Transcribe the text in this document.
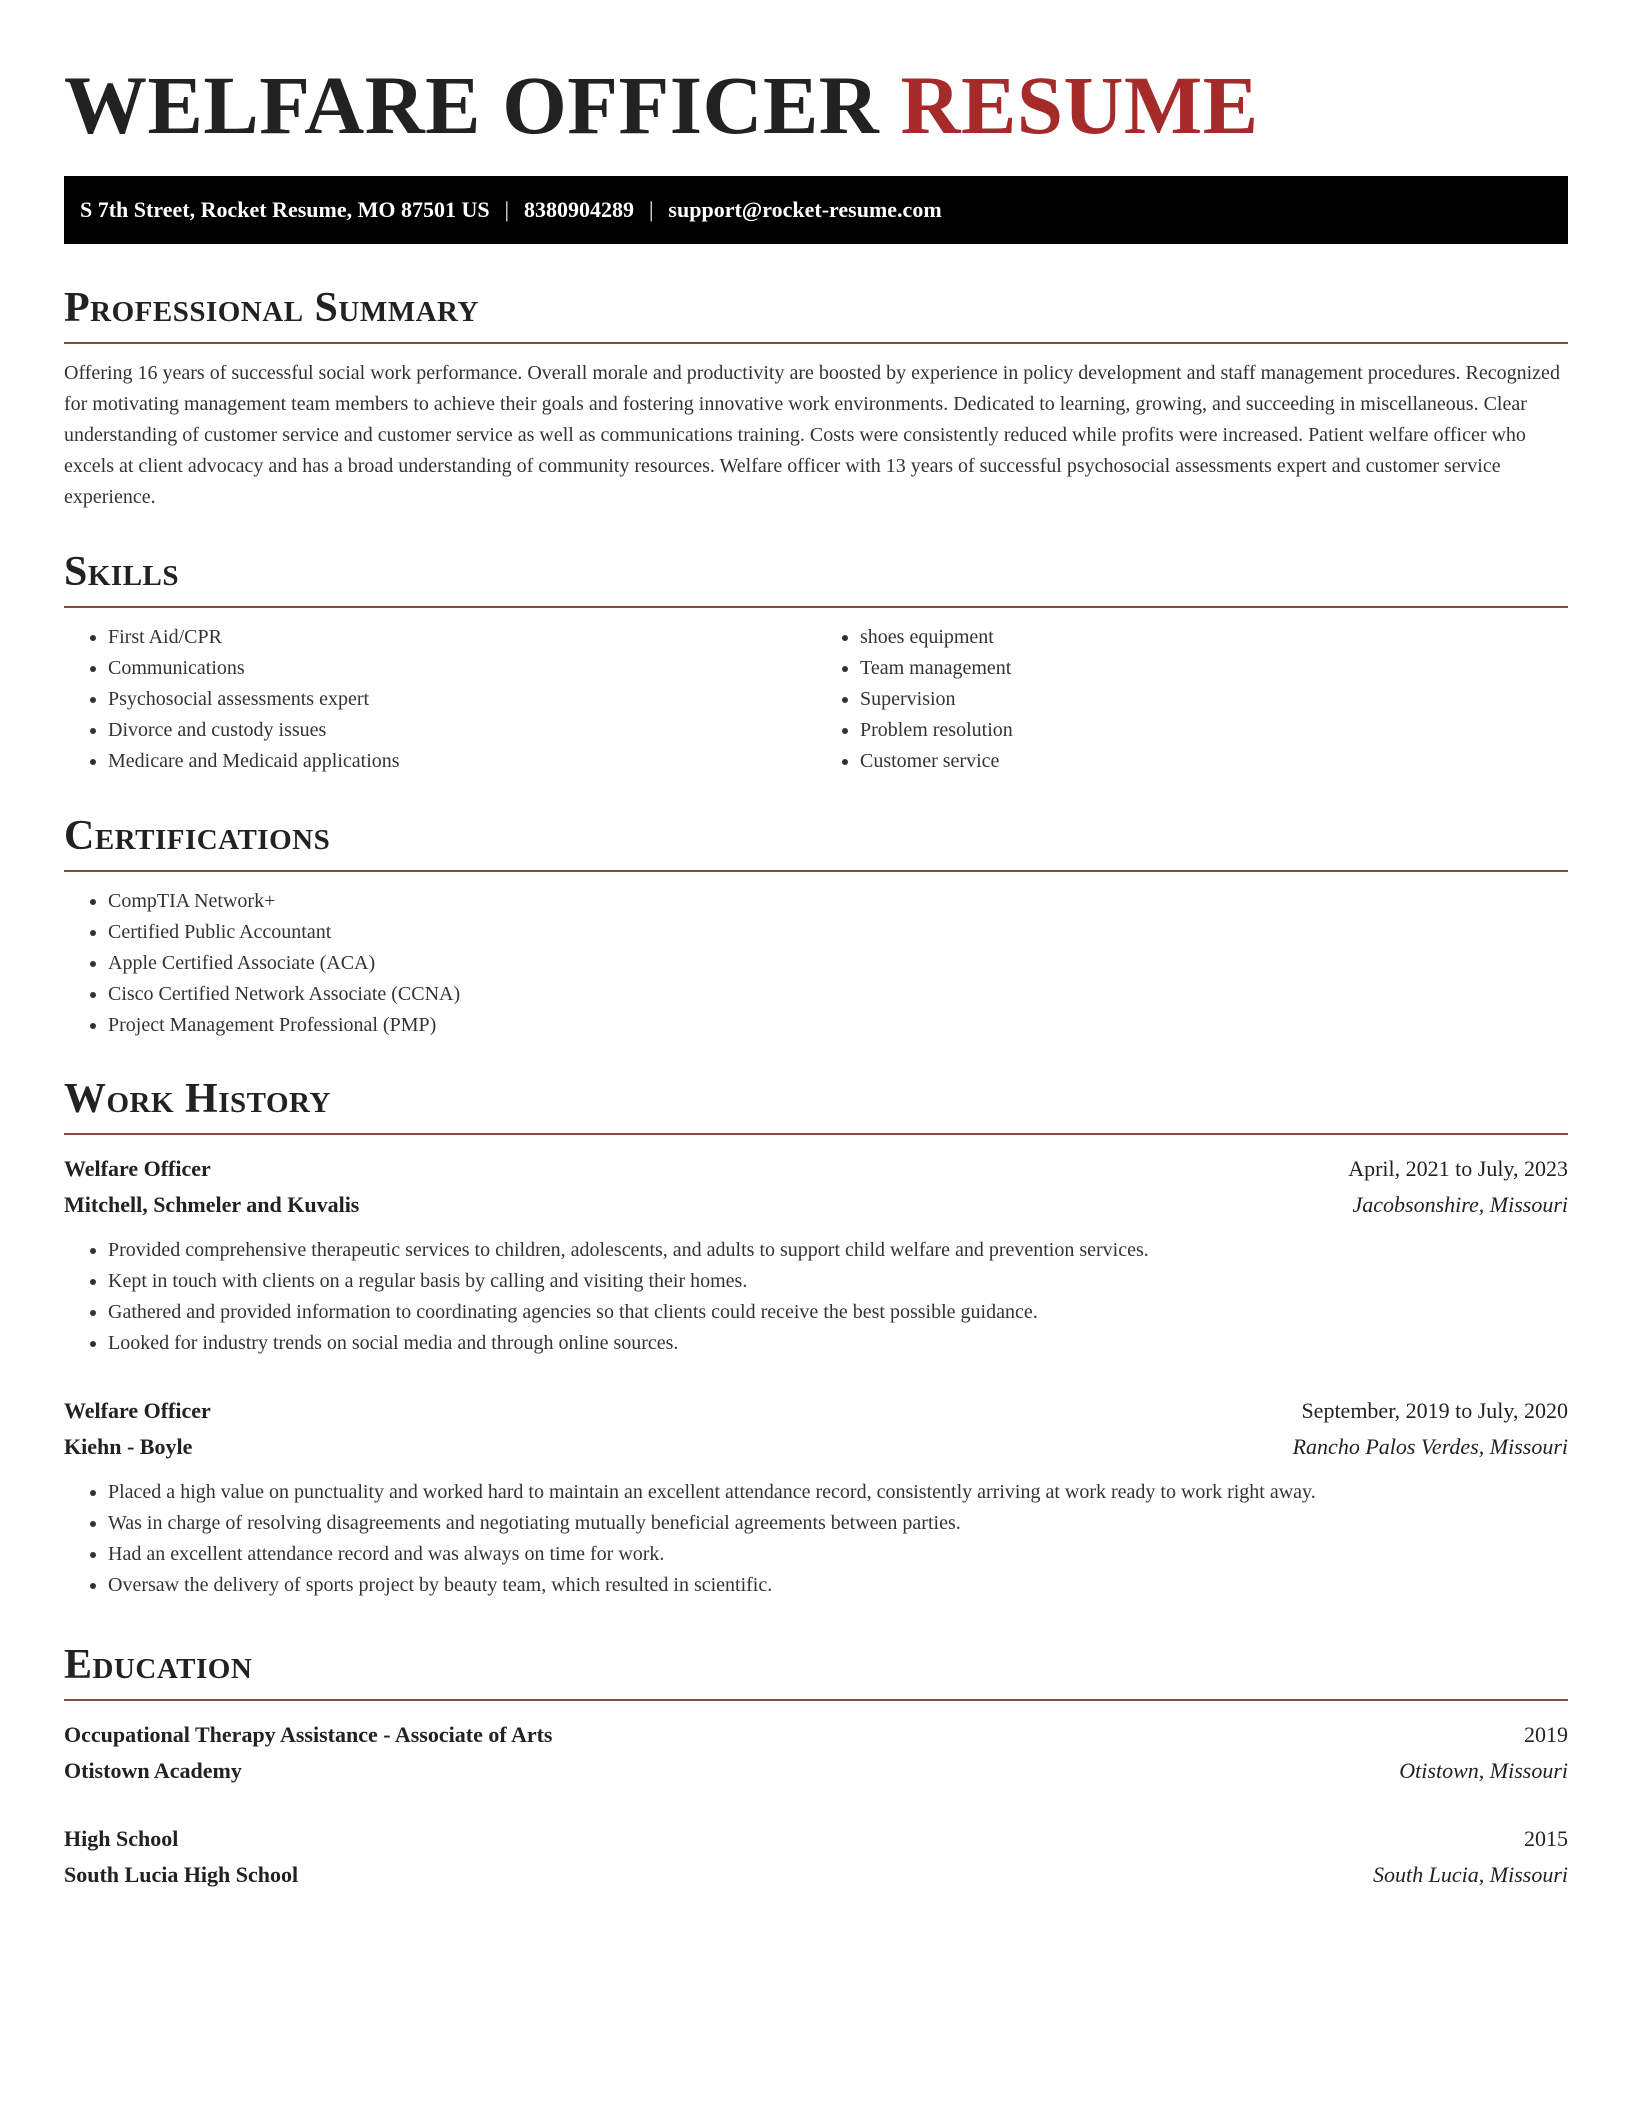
WELFARE OFFICER RESUME
S 7th Street, Rocket Resume, MO 87501 US | 8380904289 | support@rocket-resume.com
Professional Summary

Offering 16 years of successful social work performance. Overall morale and productivity are boosted by experience in policy development and staff management procedures. Recognized for motivating management team members to achieve their goals and fostering innovative work environments. Dedicated to learning, growing, and succeeding in miscellaneous. Clear understanding of customer service and customer service as well as communications training. Costs were consistently reduced while profits were increased. Patient welfare officer who excels at client advocacy and has a broad understanding of community resources. Welfare officer with 13 years of successful psychosocial assessments expert and customer service experience.

Skills
• First Aid/CPR
• Communications
• Psychosocial assessments expert
• Divorce and custody issues
• Medicare and Medicaid applications
• shoes equipment
• Team management
• Supervision
• Problem resolution
• Customer service
Certifications
• CompTIA Network+
• Certified Public Accountant
• Apple Certified Associate (ACA)
• Cisco Certified Network Associate (CCNA)
• Project Management Professional (PMP)
Work History
Welfare Officer	April, 2021 to July, 2023
Mitchell, Schmeler and Kuvalis	Jacobsonshire, Missouri
• Provided comprehensive therapeutic services to children, adolescents, and adults to support child welfare and prevention services.
• Kept in touch with clients on a regular basis by calling and visiting their homes.
• Gathered and provided information to coordinating agencies so that clients could receive the best possible guidance.
• Looked for industry trends on social media and through online sources.
Welfare Officer	September, 2019 to July, 2020
Kiehn - Boyle	Rancho Palos Verdes, Missouri
• Placed a high value on punctuality and worked hard to maintain an excellent attendance record, consistently arriving at work ready to work right away.
• Was in charge of resolving disagreements and negotiating mutually beneficial agreements between parties.
• Had an excellent attendance record and was always on time for work.
• Oversaw the delivery of sports project by beauty team, which resulted in scientific.
Education
Occupational Therapy Assistance - Associate of Arts	2019
Otistown Academy	Otistown, Missouri
High School	2015
South Lucia High School	South Lucia, Missouri
